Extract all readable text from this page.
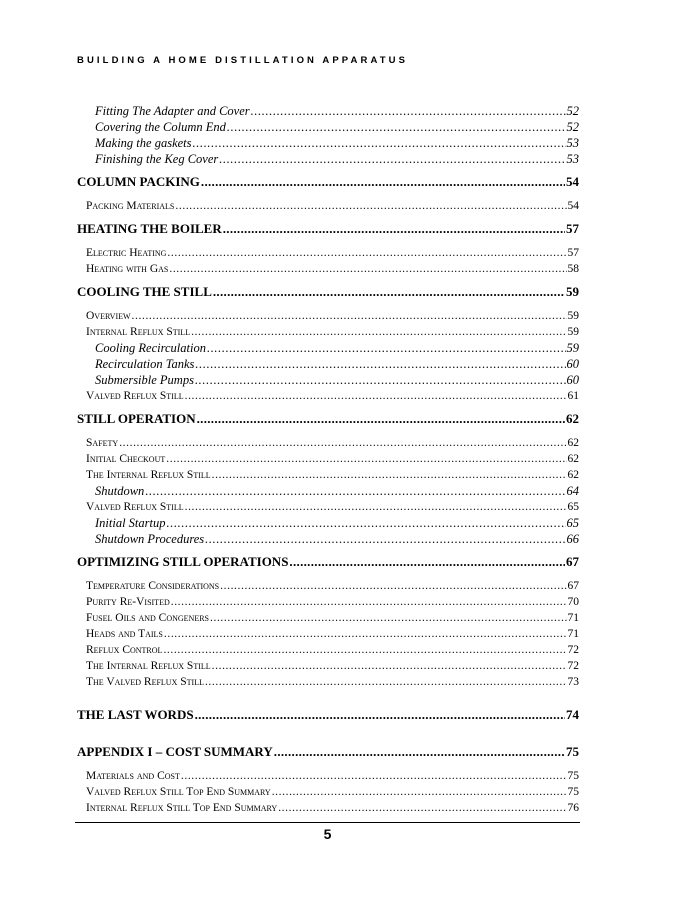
BUILDING A HOME DISTILLATION APPARATUS
Fitting The Adapter and Cover .....	52
Covering the Column End .....	52
Making the gaskets .....	53
Finishing the Keg Cover .....	53
COLUMN PACKING .....	54
Packing Materials .....	54
HEATING THE BOILER .....	57
Electric Heating .....	57
Heating with Gas .....	58
COOLING THE STILL .....	59
Overview .....	59
Internal Reflux Still .....	59
Cooling Recirculation .....	59
Recirculation Tanks .....	60
Submersible Pumps .....	60
Valved Reflux Still .....	61
STILL OPERATION .....	62
Safety .....	62
Initial Checkout .....	62
The Internal Reflux Still .....	62
Shutdown .....	64
Valved Reflux Still .....	65
Initial Startup .....	65
Shutdown Procedures .....	66
OPTIMIZING STILL OPERATIONS .....	67
Temperature Considerations .....	67
Purity Re-Visited .....	70
Fusel Oils and Congeners .....	71
Heads and Tails .....	71
Reflux Control .....	72
The Internal Reflux Still .....	72
The Valved Reflux Still .....	73
THE LAST WORDS .....	74
APPENDIX I – COST SUMMARY .....	75
Materials and Cost .....	75
Valved Reflux Still Top End Summary .....	75
Internal Reflux Still Top End Summary .....	76
5
